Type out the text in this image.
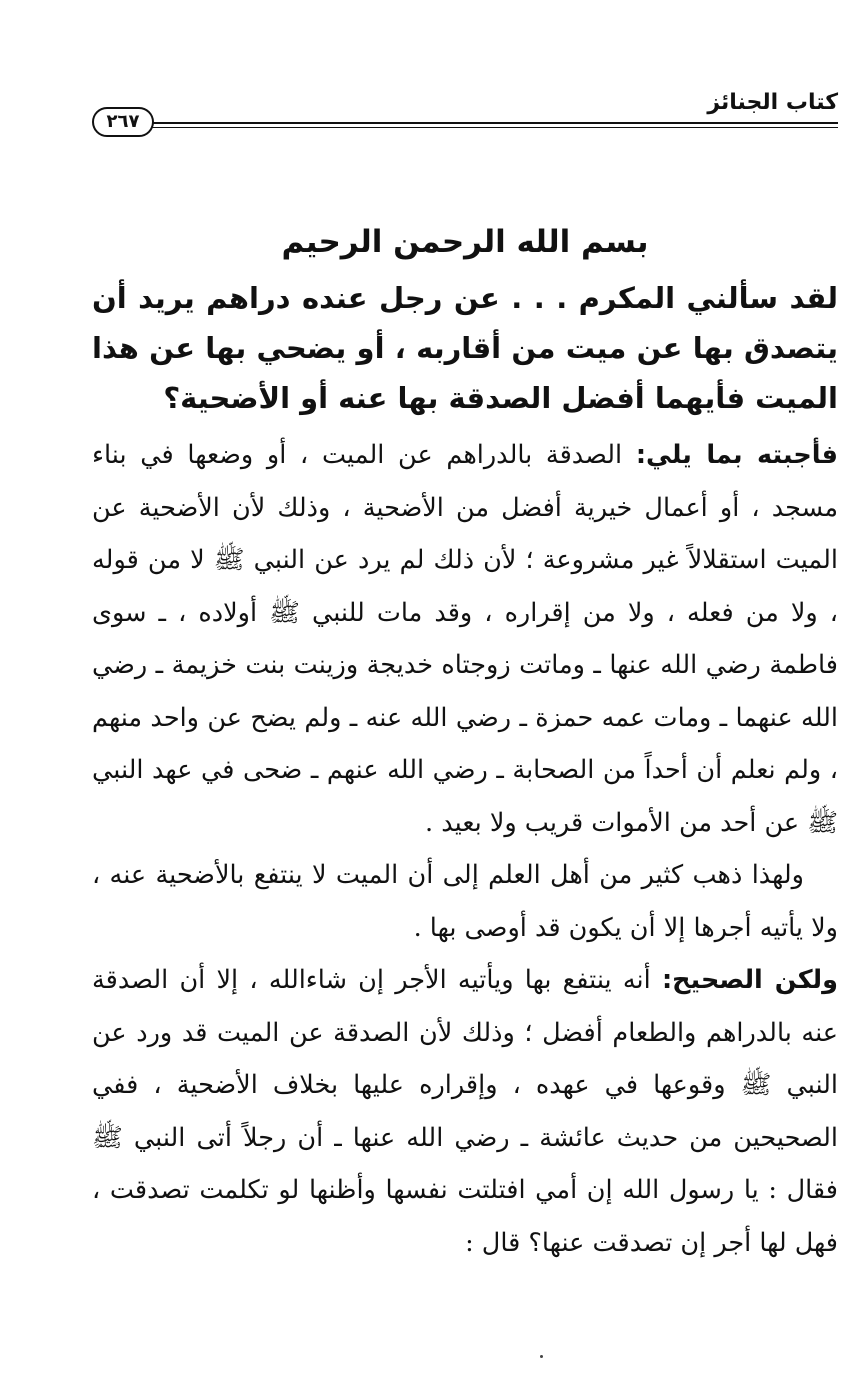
كتاب الجنائز
٢٦٧
بسم الله الرحمن الرحيم

لقد سألني المكرم . . . عن رجل عنده دراهم يريد أن يتصدق بها عن ميت من أقاربه ، أو يضحي بها عن هذا الميت فأيهما أفضل الصدقة بها عنه أو الأضحية؟

فأجبته بما يلي: الصدقة بالدراهم عن الميت ، أو وضعها في بناء مسجد ، أو أعمال خيرية أفضل من الأضحية ، وذلك لأن الأضحية عن الميت استقلالاً غير مشروعة ؛ لأن ذلك لم يرد عن النبي ﷺ لا من قوله ، ولا من فعله ، ولا من إقراره ، وقد مات للنبي ﷺ أولاده ، ـ سوى فاطمة رضي الله عنها ـ وماتت زوجتاه خديجة وزينت بنت خزيمة ـ رضي الله عنهما ـ ومات عمه حمزة ـ رضي الله عنه ـ ولم يضح عن واحد منهم ، ولم نعلم أن أحداً من الصحابة ـ رضي الله عنهم ـ ضحى في عهد النبي ﷺ عن أحد من الأموات قريب ولا بعيد .

ولهذا ذهب كثير من أهل العلم إلى أن الميت لا ينتفع بالأضحية عنه ، ولا يأتيه أجرها إلا أن يكون قد أوصى بها .

ولكن الصحيح: أنه ينتفع بها ويأتيه الأجر إن شاءالله ، إلا أن الصدقة عنه بالدراهم والطعام أفضل ؛ وذلك لأن الصدقة عن الميت قد ورد عن النبي ﷺ وقوعها في عهده ، وإقراره عليها بخلاف الأضحية ، ففي الصحيحين من حديث عائشة ـ رضي الله عنها ـ أن رجلاً أتى النبي ﷺ فقال : يا رسول الله إن أمي افتلتت نفسها وأظنها لو تكلمت تصدقت ، فهل لها أجر إن تصدقت عنها؟ قال :
